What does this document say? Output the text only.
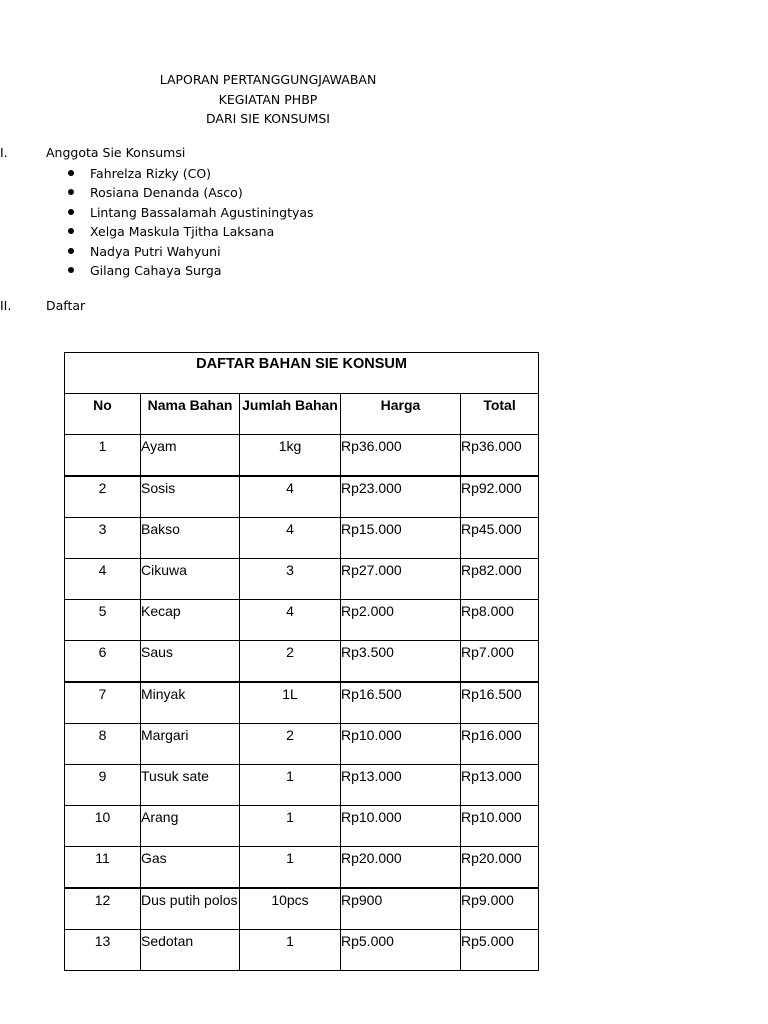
LAPORAN PERTANGGUNGJAWABAN
KEGIATAN PHBP
DARI SIE KONSUMSI
I.	Anggota Sie Konsumsi
Fahrelza Rizky (CO)
Rosiana Denanda (Asco)
Lintang Bassalamah Agustiningtyas
Xelga Maskula Tjitha Laksana
Nadya Putri Wahyuni
Gilang Cahaya Surga
II.	Daftar
DAFTAR BAHAN SIE KONSUM				
No	Nama Bahan	Jumlah Bahan	Harga	Total
1	Ayam	1kg	Rp36.000	Rp36.000
2	Sosis	4	Rp23.000	Rp92.000
3	Bakso	4	Rp15.000	Rp45.000
4	Cikuwa	3	Rp27.000	Rp82.000
5	Kecap	4	Rp2.000	Rp8.000
6	Saus	2	Rp3.500	Rp7.000
7	Minyak	1L	Rp16.500	Rp16.500
8	Margari	2	Rp10.000	Rp16.000
9	Tusuk sate	1	Rp13.000	Rp13.000
10	Arang	1	Rp10.000	Rp10.000
11	Gas	1	Rp20.000	Rp20.000
12	Dus putih polos	10pcs	Rp900	Rp9.000
13	Sedotan	1	Rp5.000	Rp5.000
